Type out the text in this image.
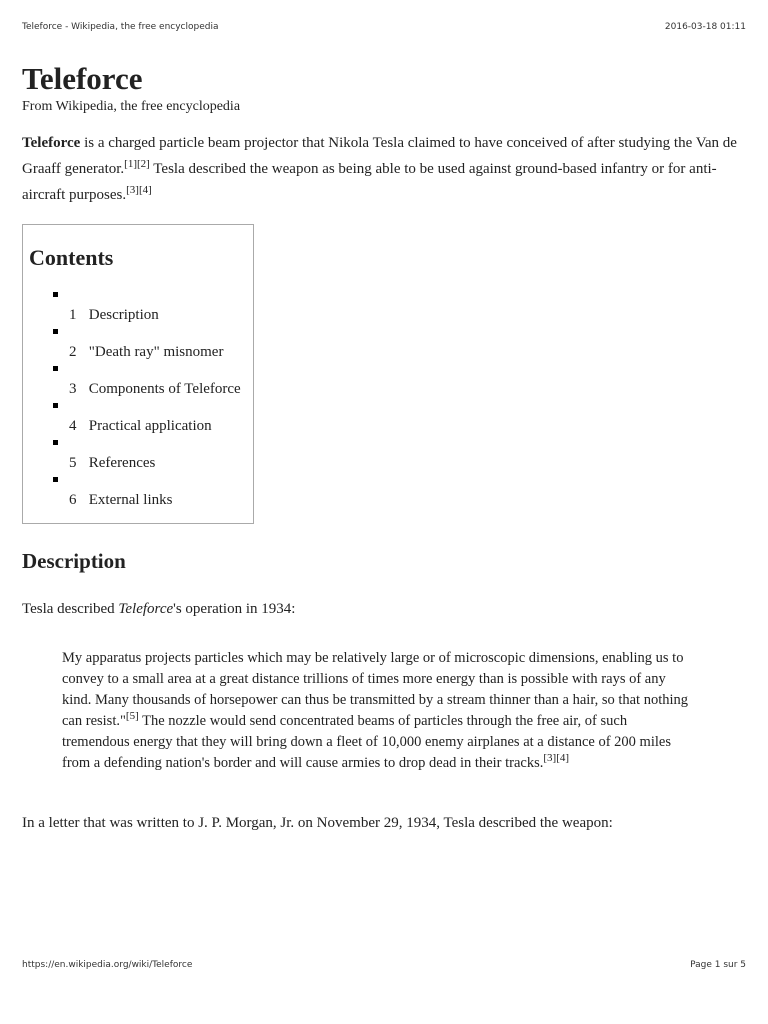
Teleforce - Wikipedia, the free encyclopedia	2016-03-18 01:11
Teleforce
From Wikipedia, the free encyclopedia

Teleforce is a charged particle beam projector that Nikola Tesla claimed to have conceived of after studying the Van de Graaff generator.[1][2] Tesla described the weapon as being able to be used against ground-based infantry or for anti-aircraft purposes.[3][4]

Contents
1 Description
2 "Death ray" misnomer
3 Components of Teleforce
4 Practical application
5 References
6 External links
Description

Tesla described Teleforce's operation in 1934:

My apparatus projects particles which may be relatively large or of microscopic dimensions, enabling us to convey to a small area at a great distance trillions of times more energy than is possible with rays of any kind. Many thousands of horsepower can thus be transmitted by a stream thinner than a hair, so that nothing can resist."[5] The nozzle would send concentrated beams of particles through the free air, of such tremendous energy that they will bring down a fleet of 10,000 enemy airplanes at a distance of 200 miles from a defending nation's border and will cause armies to drop dead in their tracks.[3][4]

In a letter that was written to J. P. Morgan, Jr. on November 29, 1934, Tesla described the weapon:

https://en.wikipedia.org/wiki/Teleforce	Page 1 sur 5
